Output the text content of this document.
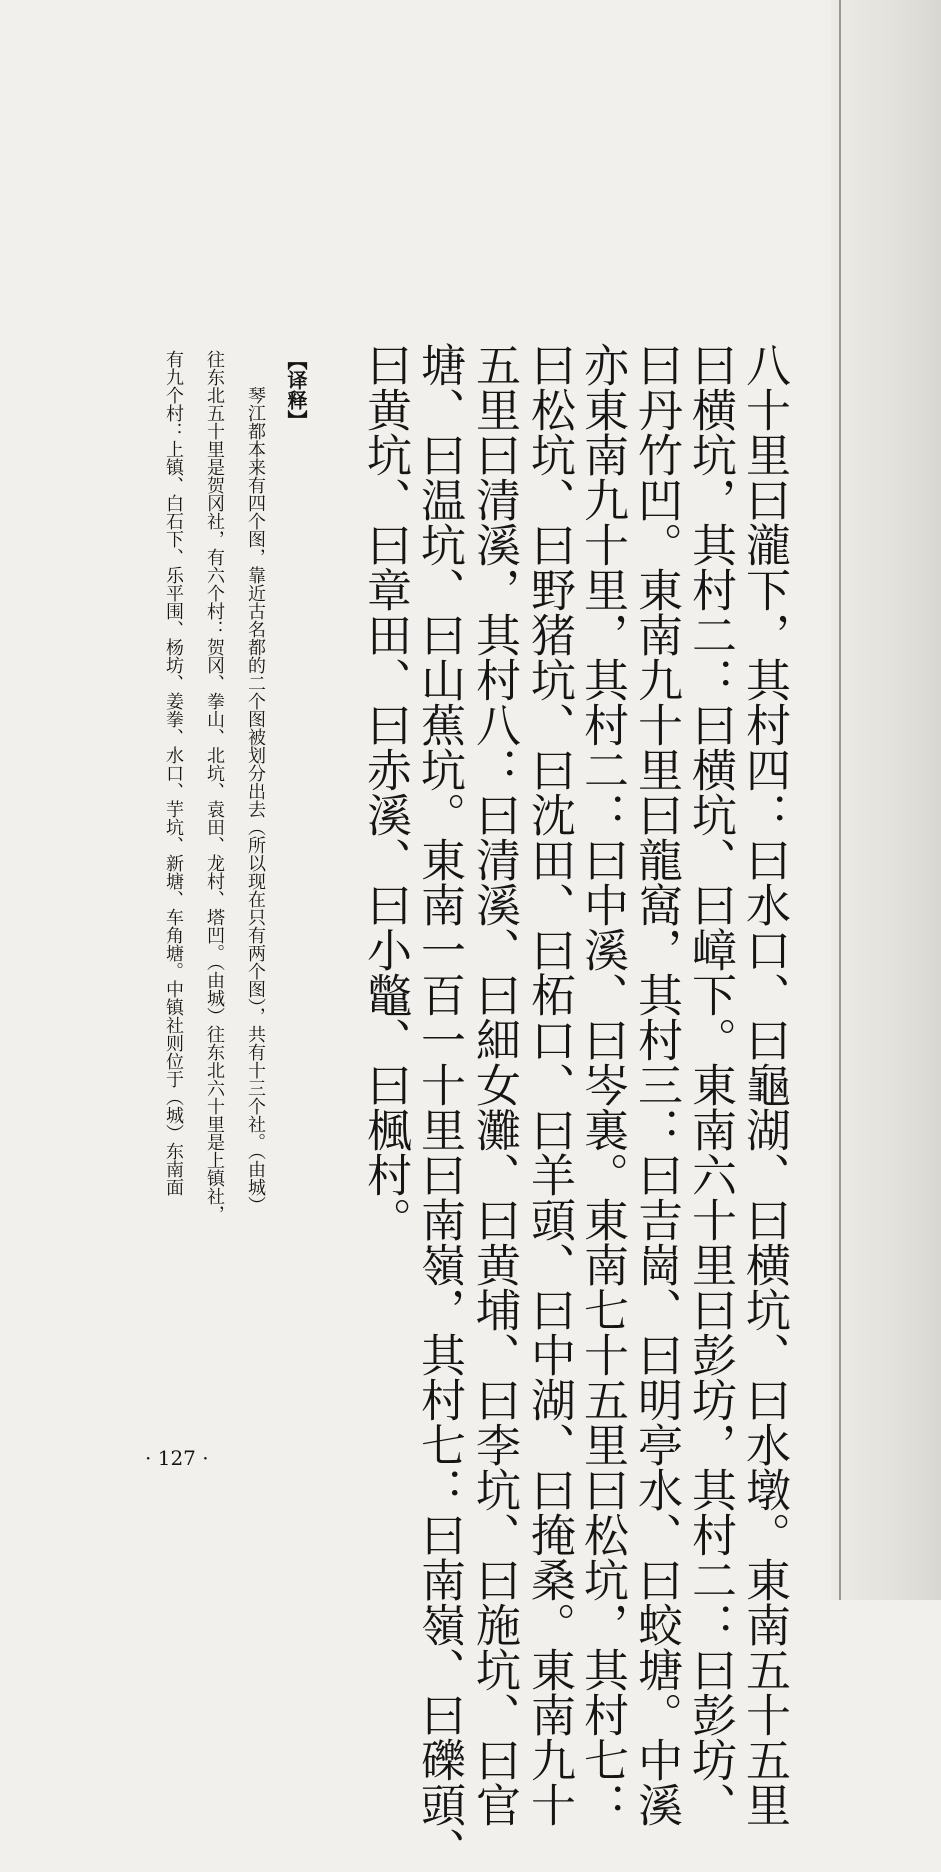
八十里曰瀧下，其村四：曰水口、曰龜湖、曰横坑、曰水墩。東南五十五里
曰横坑，其村二：曰横坑、曰嶂下。東南六十里曰彭坊，其村二：曰彭坊、
曰丹竹凹。東南九十里曰龍窩，其村三：曰吉崗、曰明亭水、曰蛟塘。中溪
亦東南九十里，其村二：曰中溪、曰岑裏。東南七十五里曰松坑，其村七：
曰松坑、曰野猪坑、曰沈田、曰柘口、曰羊頭、曰中湖、曰掩桑。東南九十
五里曰清溪，其村八：曰清溪、曰細女灘、曰黄埔、曰李坑、曰施坑、曰官
塘、曰温坑、曰山蕉坑。東南一百一十里曰南嶺，其村七：曰南嶺、曰礫頭、
曰黄坑、曰章田、曰赤溪、曰小鼈、曰楓村。
【译释】
　　琴江都本来有四个图，靠近古名都的二个图被划分出去（所以现在只有两个图），共有十三个社。（由城）
往东北五十里是贺冈社，有六个村：贺冈、拳山、北坑、袁田、龙村、塔凹。（由城）往东北六十里是上镇社，
有九个村：上镇、白石下、乐平围、杨坊、姜拳、水口、芋坑、新塘、车角塘。中镇社则位于（城）东南面
· 127 ·
